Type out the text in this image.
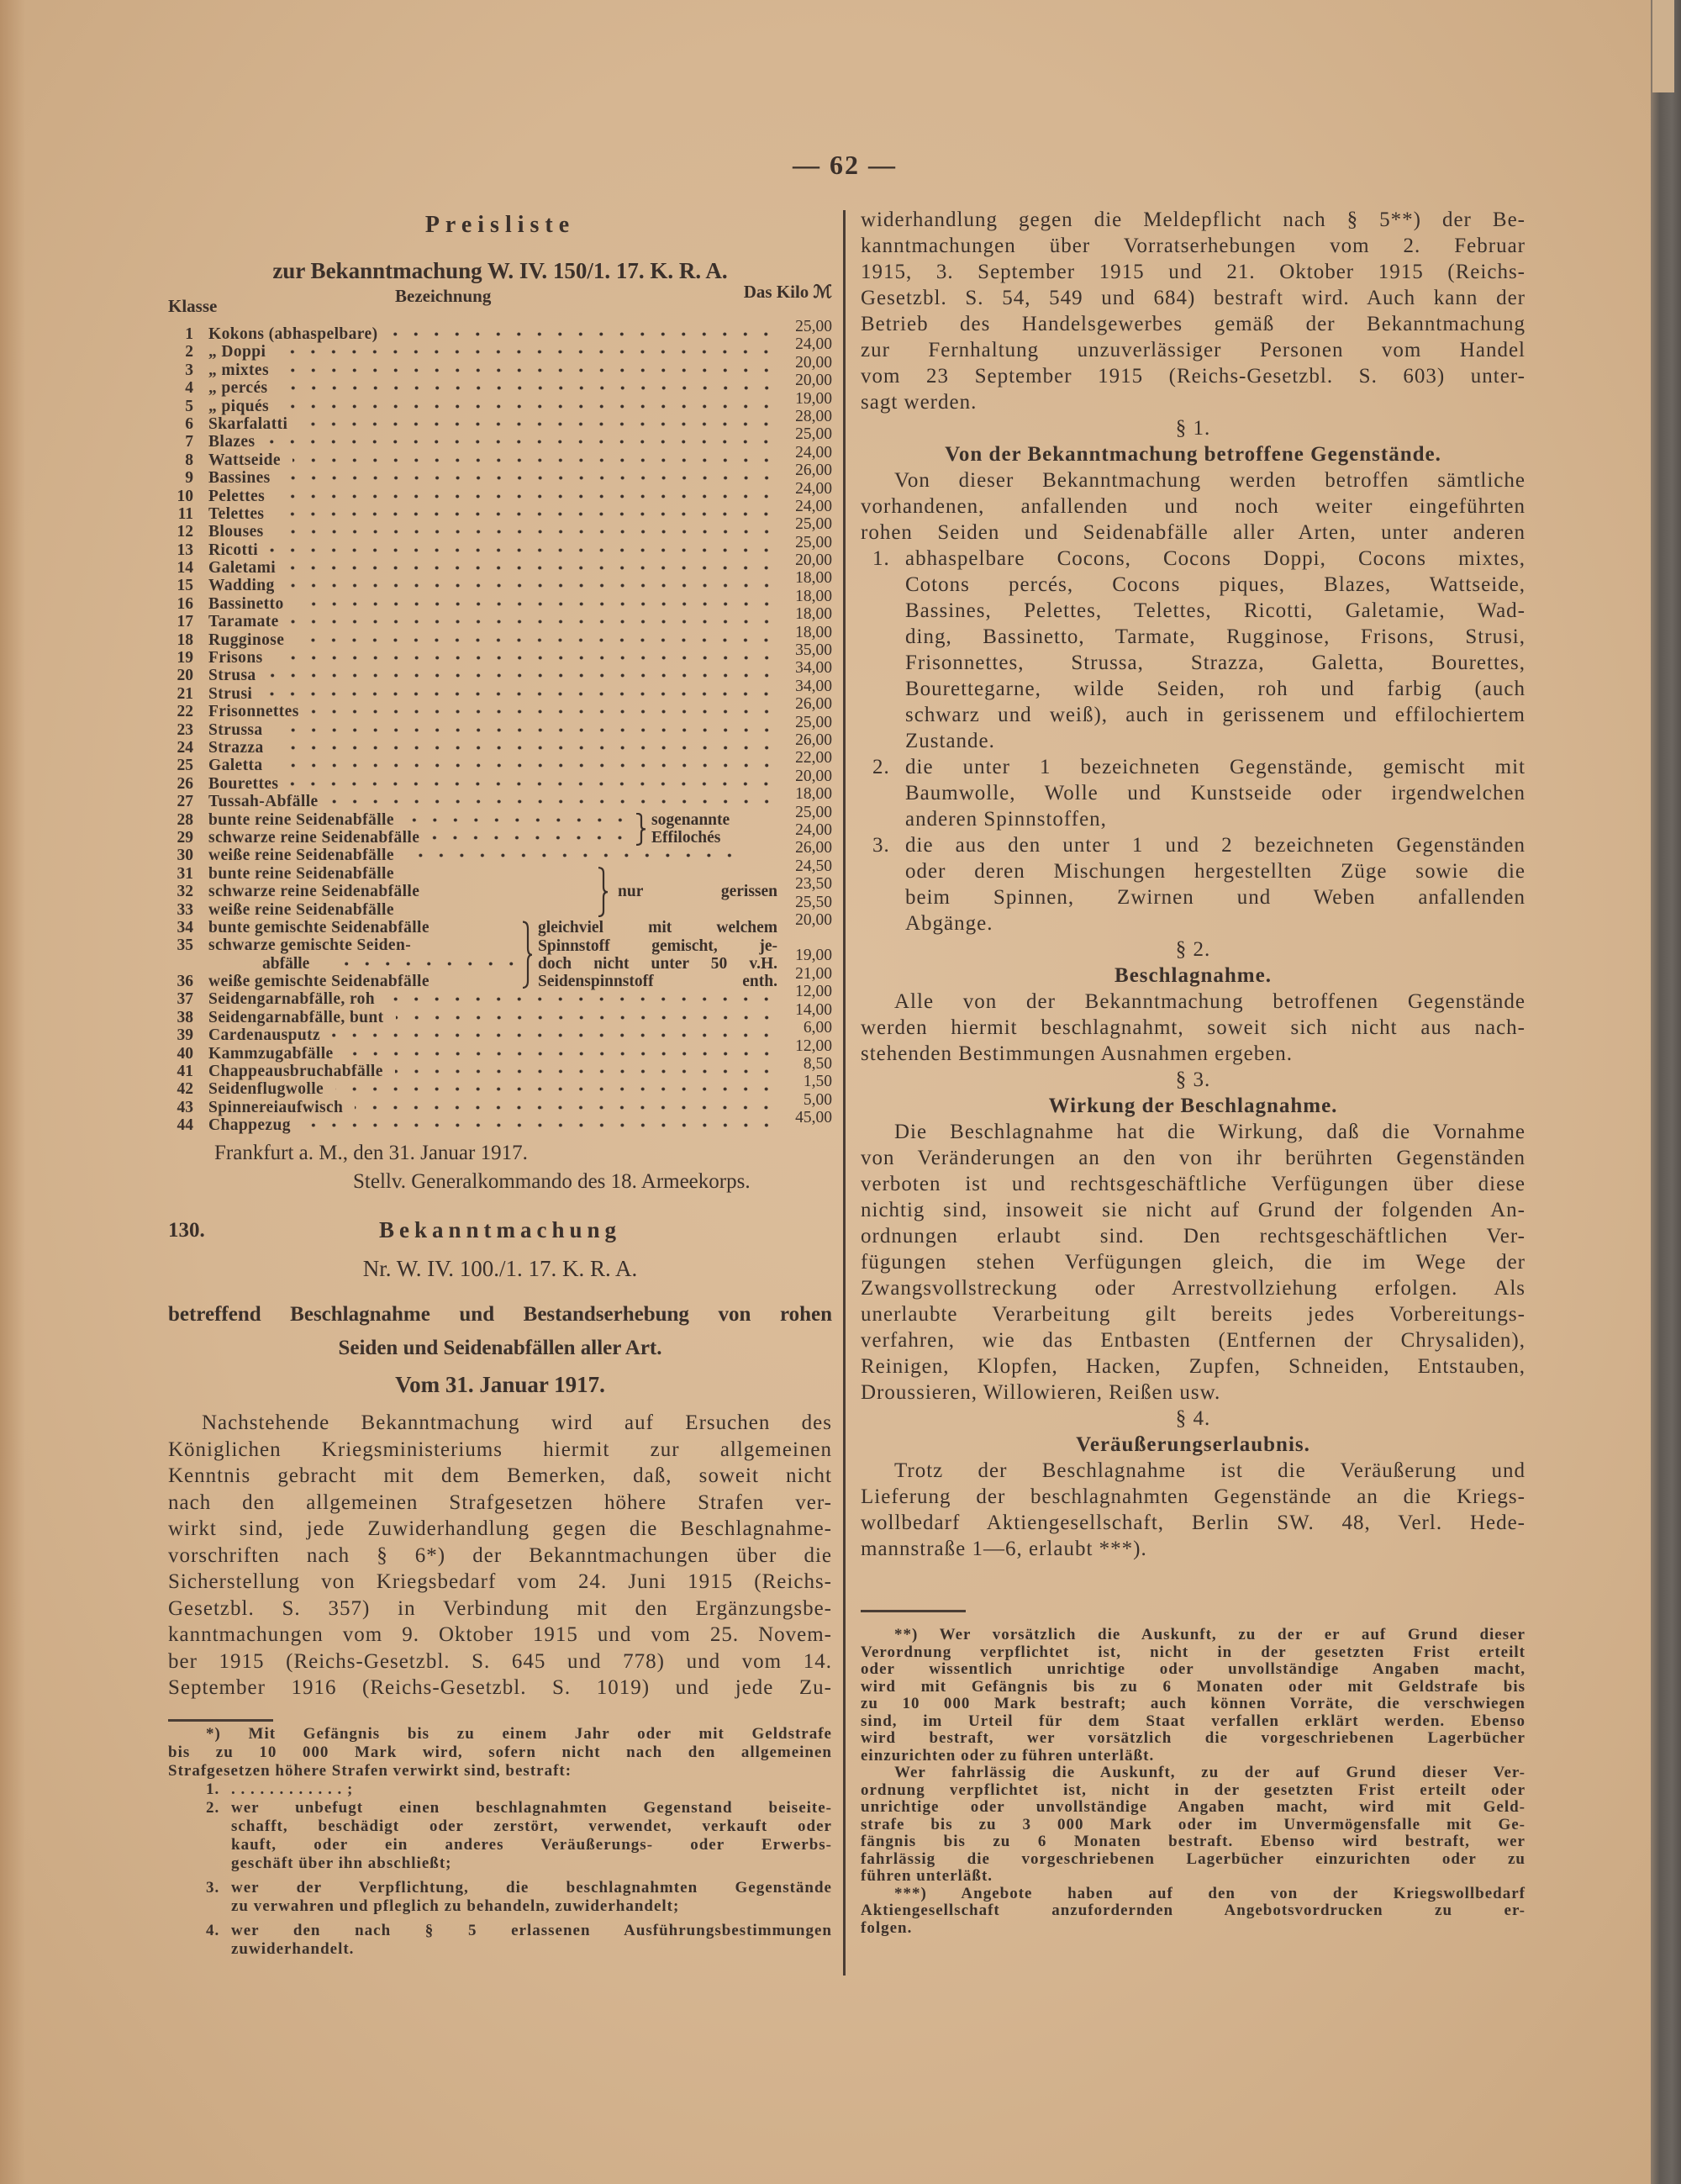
— 62 —
Preisliste
zur Bekanntmachung W. IV. 150/1. 17. K. R. A.
Klasse	Bezeichnung	Das Kilo ℳ
1 Kokons (abhaspelbare)	25,00
2 „ Doppi	24,00
3 „ mixtes	20,00
4 „ percés	20,00
5 „ piqués	19,00
6 Skarfalatti	28,00
7 Blazes	25,00
8 Wattseide	24,00
9 Bassines	26,00
10 Pelettes	24,00
11 Telettes	24,00
12 Blouses	25,00
13 Ricotti	25,00
14 Galetami	20,00
15 Wadding	18,00
16 Bassinetto	18,00
17 Taramate	18,00
18 Rugginose	18,00
19 Frisons	35,00
20 Strusa	34,00
21 Strusi	34,00
22 Frisonnettes	26,00
23 Strussa	25,00
24 Strazza	26,00
25 Galetta	22,00
26 Bourettes	20,00
27 Tussah-Abfälle	18,00
28 bunte reine Seidenabfälle	25,00
29 schwarze reine Seidenabfälle	24,00
30 weiße reine Seidenabfälle	26,00
31 bunte reine Seidenabfälle	24,50
32 schwarze reine Seidenabfälle	23,50
33 weiße reine Seidenabfälle	25,50
34 bunte gemischte Seidenabfälle	20,00
35 schwarze gemischte Seiden-
abfälle	19,00
36 weiße gemischte Seidenabfälle	21,00
37 Seidengarnabfälle, roh	12,00
38 Seidengarnabfälle, bunt	14,00
39 Cardenausputz	6,00
40 Kammzugabfälle	12,00
41 Chappeausbruchabfälle	8,50
42 Seidenflugwolle	1,50
43 Spinnereiaufwisch	5,00
44 Chappezug	45,00
sogenannte
Effilochés
nur gerissen
gleichviel mit welchem
Spinnstoff gemischt, je-
doch nicht unter 50 v.H.
Seidenspinnstoff enth.
Frankfurt a. M., den 31. Januar 1917.
Stellv. Generalkommando des 18. Armeekorps.
130.	Bekanntmachung
Nr. W. IV. 100./1. 17. K. R. A.
betreffend Beschlagnahme und Bestandserhebung von rohen
Seiden und Seidenabfällen aller Art.
Vom 31. Januar 1917.
Nachstehende Bekanntmachung wird auf Ersuchen des
Königlichen Kriegsministeriums hiermit zur allgemeinen
Kenntnis gebracht mit dem Bemerken, daß, soweit nicht
nach den allgemeinen Strafgesetzen höhere Strafen ver-
wirkt sind, jede Zuwiderhandlung gegen die Beschlagnahme-
vorschriften nach § 6*) der Bekanntmachungen über die
Sicherstellung von Kriegsbedarf vom 24. Juni 1915 (Reichs-
Gesetzbl. S. 357) in Verbindung mit den Ergänzungsbe-
kanntmachungen vom 9. Oktober 1915 und vom 25. Novem-
ber 1915 (Reichs-Gesetzbl. S. 645 und 778) und vom 14.
September 1916 (Reichs-Gesetzbl. S. 1019) und jede Zu-
*) Mit Gefängnis bis zu einem Jahr oder mit Geldstrafe
bis zu 10 000 Mark wird, sofern nicht nach den allgemeinen
Strafgesetzen höhere Strafen verwirkt sind, bestraft:
1. . . . . . . . . . . . . ;
2. wer unbefugt einen beschlagnahmten Gegenstand beiseite-
schafft, beschädigt oder zerstört, verwendet, verkauft oder
kauft, oder ein anderes Veräußerungs- oder Erwerbs-
geschäft über ihn abschließt;
3. wer der Verpflichtung, die beschlagnahmten Gegenstände
zu verwahren und pfleglich zu behandeln, zuwiderhandelt;
4. wer den nach § 5 erlassenen Ausführungsbestimmungen
zuwiderhandelt.
widerhandlung gegen die Meldepflicht nach § 5**) der Be-
kanntmachungen über Vorratserhebungen vom 2. Februar
1915, 3. September 1915 und 21. Oktober 1915 (Reichs-
Gesetzbl. S. 54, 549 und 684) bestraft wird. Auch kann der
Betrieb des Handelsgewerbes gemäß der Bekanntmachung
zur Fernhaltung unzuverlässiger Personen vom Handel
vom 23 September 1915 (Reichs-Gesetzbl. S. 603) unter-
sagt werden.
§ 1.
Von der Bekanntmachung betroffene Gegenstände.
Von dieser Bekanntmachung werden betroffen sämtliche
vorhandenen, anfallenden und noch weiter eingeführten
rohen Seiden und Seidenabfälle aller Arten, unter anderen
1. abhaspelbare Cocons, Cocons Doppi, Cocons mixtes,
Cotons percés, Cocons piques, Blazes, Wattseide,
Bassines, Pelettes, Telettes, Ricotti, Galetamie, Wad-
ding, Bassinetto, Tarmate, Rugginose, Frisons, Strusi,
Frisonnettes, Strussa, Strazza, Galetta, Bourettes,
Bourettegarne, wilde Seiden, roh und farbig (auch
schwarz und weiß), auch in gerissenem und effilochiertem
Zustande.
2. die unter 1 bezeichneten Gegenstände, gemischt mit
Baumwolle, Wolle und Kunstseide oder irgendwelchen
anderen Spinnstoffen,
3. die aus den unter 1 und 2 bezeichneten Gegenständen
oder deren Mischungen hergestellten Züge sowie die
beim Spinnen, Zwirnen und Weben anfallenden
Abgänge.
§ 2.
Beschlagnahme.
Alle von der Bekanntmachung betroffenen Gegenstände
werden hiermit beschlagnahmt, soweit sich nicht aus nach-
stehenden Bestimmungen Ausnahmen ergeben.
§ 3.
Wirkung der Beschlagnahme.
Die Beschlagnahme hat die Wirkung, daß die Vornahme
von Veränderungen an den von ihr berührten Gegenständen
verboten ist und rechtsgeschäftliche Verfügungen über diese
nichtig sind, insoweit sie nicht auf Grund der folgenden An-
ordnungen erlaubt sind. Den rechtsgeschäftlichen Ver-
fügungen stehen Verfügungen gleich, die im Wege der
Zwangsvollstreckung oder Arrestvollziehung erfolgen. Als
unerlaubte Verarbeitung gilt bereits jedes Vorbereitungs-
verfahren, wie das Entbasten (Entfernen der Chrysaliden),
Reinigen, Klopfen, Hacken, Zupfen, Schneiden, Entstauben,
Droussieren, Willowieren, Reißen usw.
§ 4.
Veräußerungserlaubnis.
Trotz der Beschlagnahme ist die Veräußerung und
Lieferung der beschlagnahmten Gegenstände an die Kriegs-
wollbedarf Aktiengesellschaft, Berlin SW. 48, Verl. Hede-
mannstraße 1—6, erlaubt ***).
**) Wer vorsätzlich die Auskunft, zu der er auf Grund dieser
Verordnung verpflichtet ist, nicht in der gesetzten Frist erteilt
oder wissentlich unrichtige oder unvollständige Angaben macht,
wird mit Gefängnis bis zu 6 Monaten oder mit Geldstrafe bis
zu 10 000 Mark bestraft; auch können Vorräte, die verschwiegen
sind, im Urteil für dem Staat verfallen erklärt werden. Ebenso
wird bestraft, wer vorsätzlich die vorgeschriebenen Lagerbücher
einzurichten oder zu führen unterläßt.
Wer fahrlässig die Auskunft, zu der auf Grund dieser Ver-
ordnung verpflichtet ist, nicht in der gesetzten Frist erteilt oder
unrichtige oder unvollständige Angaben macht, wird mit Geld-
strafe bis zu 3 000 Mark oder im Unvermögensfalle mit Ge-
fängnis bis zu 6 Monaten bestraft. Ebenso wird bestraft, wer
fahrlässig die vorgeschriebenen Lagerbücher einzurichten oder zu
führen unterläßt.
***) Angebote haben auf den von der Kriegswollbedarf
Aktiengesellschaft anzufordernden Angebotsvordrucken zu er-
folgen.
